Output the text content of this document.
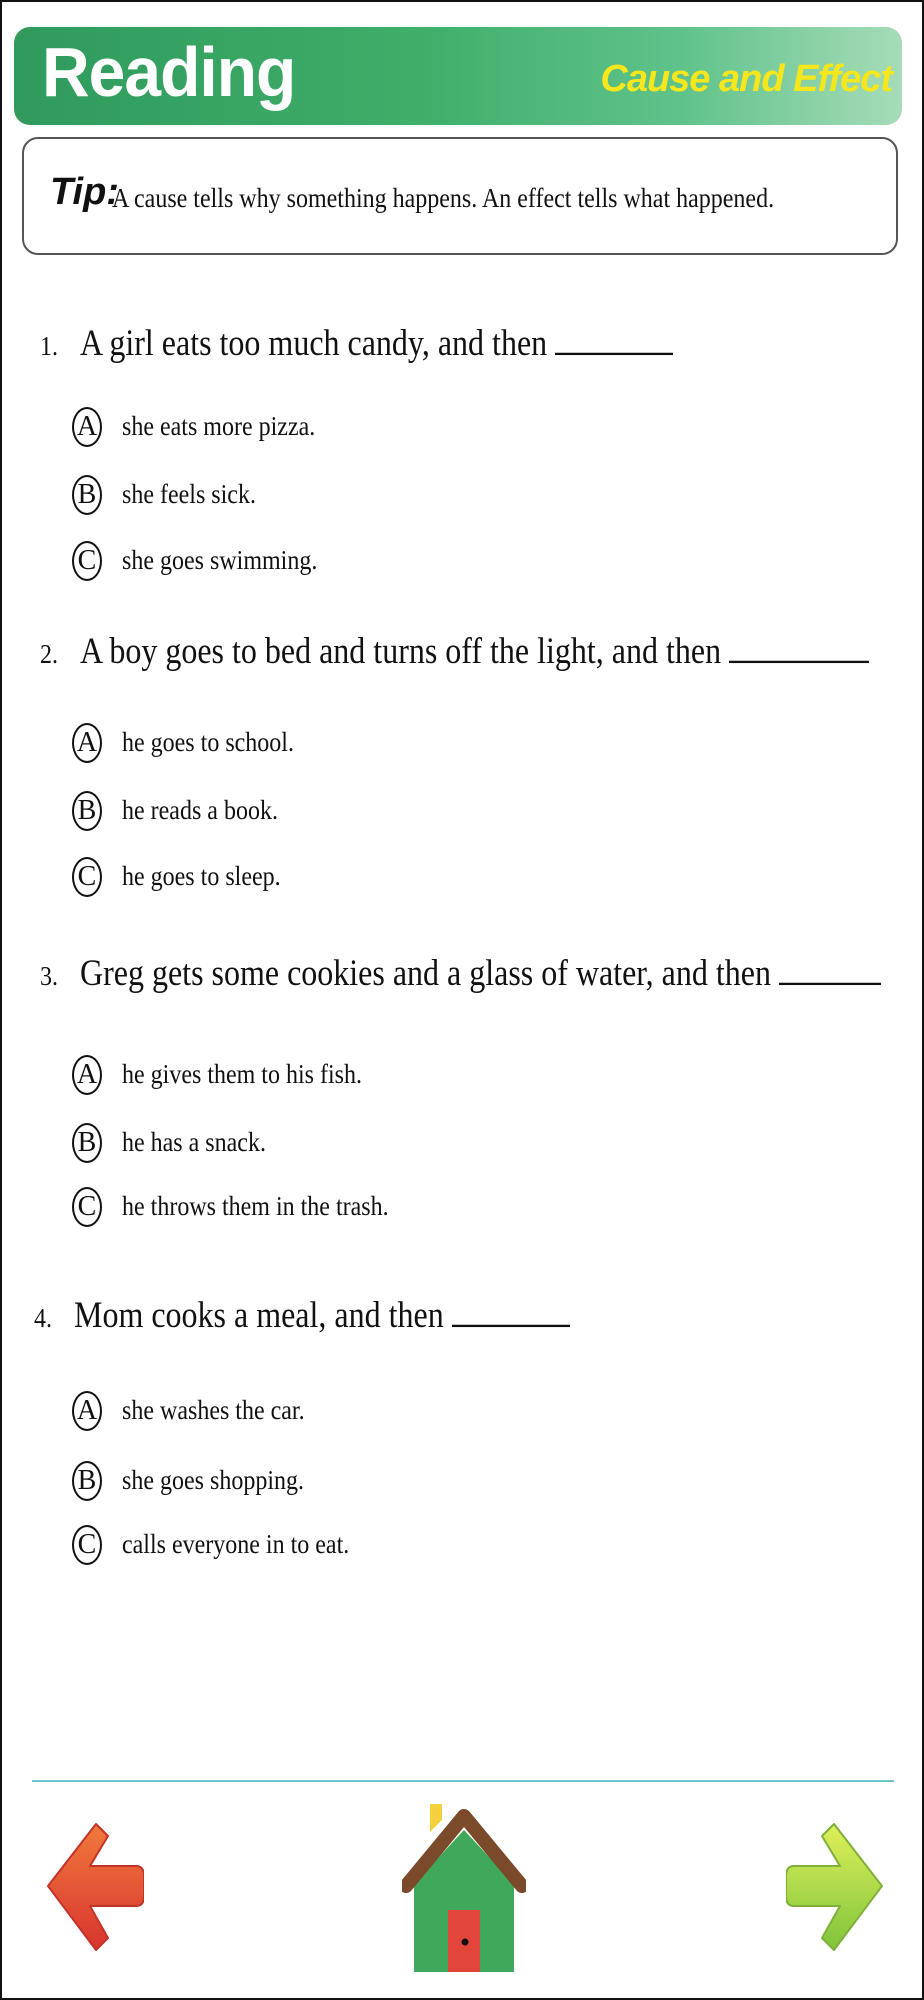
Reading	Cause and Effect
Tip:
A cause tells why something happens. An effect tells what happened.
1. A girl eats too much candy, and then
A she eats more pizza.
B she feels sick.
C she goes swimming.
2. A boy goes to bed and turns off the light, and then
A he goes to school.
B he reads a book.
C he goes to sleep.
3. Greg gets some cookies and a glass of water, and then
A he gives them to his fish.
B he has a snack.
C he throws them in the trash.
4. Mom cooks a meal, and then
A she washes the car.
B she goes shopping.
C calls everyone in to eat.
